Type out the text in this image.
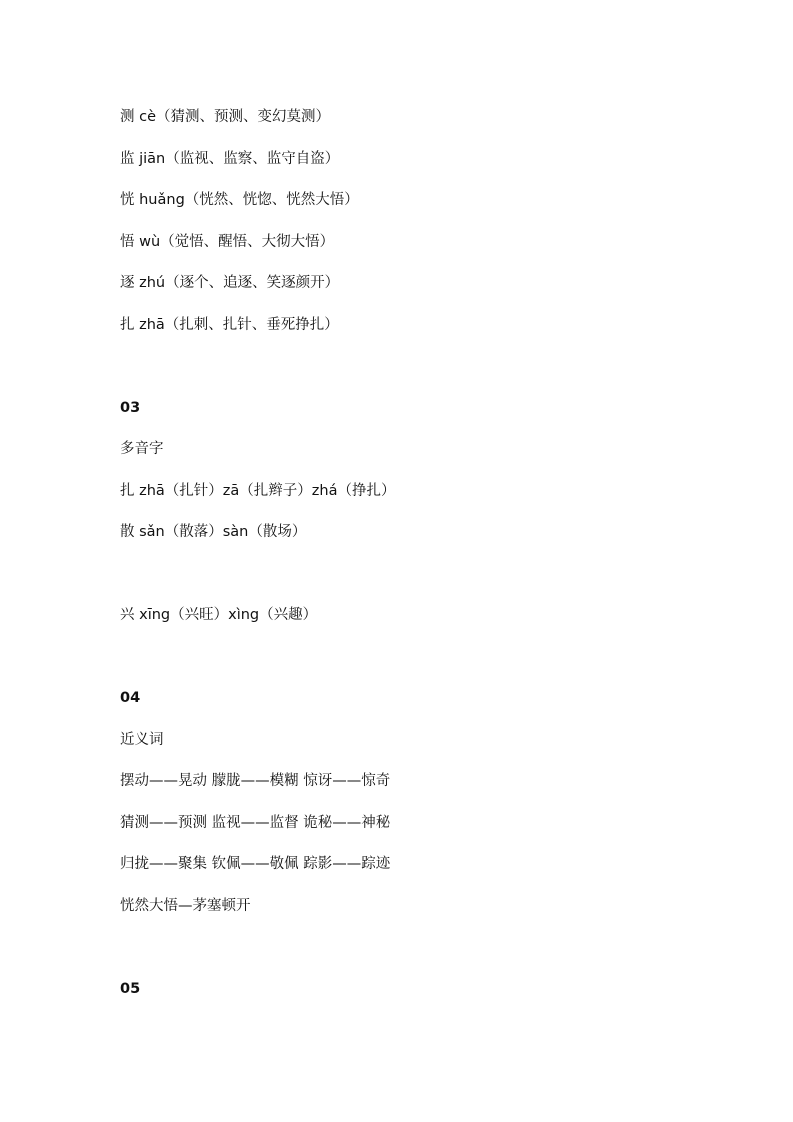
测 cè（猜测、预测、变幻莫测）
监 jiān（监视、监察、监守自盗）
恍 huǎng（恍然、恍惚、恍然大悟）
悟 wù（觉悟、醒悟、大彻大悟）
逐 zhú（逐个、追逐、笑逐颜开）
扎 zhā（扎刺、扎针、垂死挣扎）
03
多音字
扎 zhā（扎针）zā（扎辫子）zhá（挣扎）
散 sǎn（散落）sàn（散场）
兴 xīng（兴旺）xìng（兴趣）
04
近义词
摆动——晃动 朦胧——模糊 惊讶——惊奇
猜测——预测 监视——监督 诡秘——神秘
归拢——聚集 钦佩——敬佩 踪影——踪迹
恍然大悟—茅塞顿开
05
